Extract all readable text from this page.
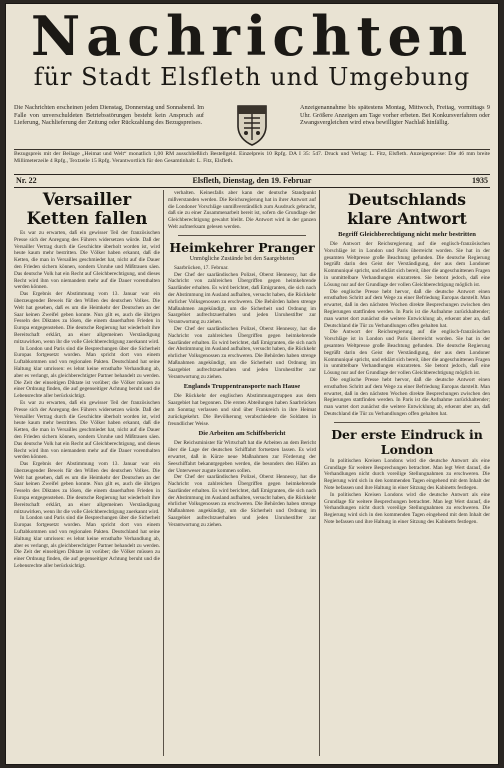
Nachrichten
für Stadt Elsfleth und Umgebung
Die Nachrichten erscheinen jeden Dienstag, Donnerstag und Sonnabend. Im Falle von unverschuldeten Betriebsstörungen besteht kein Anspruch auf Lieferung, Nachlieferung der Zeitung oder Rückzahlung des Bezugspreises.
Anzeigenannahme bis spätestens Montag, Mittwoch, Freitag, vormittags 9 Uhr. Größere Anzeigen am Tage vorher erbeten. Bei Konkursverfahren oder Zwangsvergleichen wird etwa bewilligter Nachlaß hinfällig.
Bezugspreis mit der Beilage „Heimat und Welt“ monatlich 1,00 RM ausschließlich Bestellgeld. Einzelpreis 10 Rpfg. DA I 35: 547. Druck und Verlag: L. Fitz, Elsfleth. Anzeigenpreise: Die 46 mm breite Millimeterzeile 4 Rpfg., Textzeile 15 Rpfg. Verantwortlich für den Gesamtinhalt: L. Fitz, Elsfleth.
Nr. 22	Elsfleth, Dienstag, den 19. Februar	1935
Versailler Ketten fallen

Es war zu erwarten, daß ein gewisser Teil der französischen Presse sich der Anregung des Führers widersetzen würde. Daß der Versailler Vertrag durch die Geschichte überholt worden ist, wird heute kaum mehr bestritten. Die Völker haben erkannt, daß die Ketten, die man in Versailles geschmiedet hat, nicht auf die Dauer den Frieden sichern können, sondern Unruhe und Mißtrauen säen. Das deutsche Volk hat ein Recht auf Gleichberechtigung, und dieses Recht wird ihm von niemandem mehr auf die Dauer vorenthalten werden können.

Das Ergebnis der Abstimmung vom 13. Januar war ein überzeugender Beweis für den Willen des deutschen Volkes. Die Welt hat gesehen, daß es um die Heimkehr der Deutschen an der Saar keinen Zweifel geben konnte. Nun gilt es, auch die übrigen Fesseln des Diktates zu lösen, die einem dauerhaften Frieden in Europa entgegenstehen. Die deutsche Regierung hat wiederholt ihre Bereitschaft erklärt, an einer allgemeinen Verständigung mitzuwirken, wenn ihr die volle Gleichberechtigung zuerkannt wird.

In London und Paris sind die Besprechungen über die Sicherheit Europas fortgesetzt worden. Man spricht dort von einem Luftabkommen und von regionalen Pakten. Deutschland hat seine Haltung klar umrissen: es lehnt keine ernsthafte Verhandlung ab, aber es verlangt, als gleichberechtigter Partner behandelt zu werden. Die Zeit der einseitigen Diktate ist vorüber; die Völker müssen zu einer Ordnung finden, die auf gegenseitiger Achtung beruht und die Lebensrechte aller berücksichtigt.

Es war zu erwarten, daß ein gewisser Teil der französischen Presse sich der Anregung des Führers widersetzen würde. Daß der Versailler Vertrag durch die Geschichte überholt worden ist, wird heute kaum mehr bestritten. Die Völker haben erkannt, daß die Ketten, die man in Versailles geschmiedet hat, nicht auf die Dauer den Frieden sichern können, sondern Unruhe und Mißtrauen säen. Das deutsche Volk hat ein Recht auf Gleichberechtigung, und dieses Recht wird ihm von niemandem mehr auf die Dauer vorenthalten werden können.

Das Ergebnis der Abstimmung vom 13. Januar war ein überzeugender Beweis für den Willen des deutschen Volkes. Die Welt hat gesehen, daß es um die Heimkehr der Deutschen an der Saar keinen Zweifel geben konnte. Nun gilt es, auch die übrigen Fesseln des Diktates zu lösen, die einem dauerhaften Frieden in Europa entgegenstehen. Die deutsche Regierung hat wiederholt ihre Bereitschaft erklärt, an einer allgemeinen Verständigung mitzuwirken, wenn ihr die volle Gleichberechtigung zuerkannt wird.

In London und Paris sind die Besprechungen über die Sicherheit Europas fortgesetzt worden. Man spricht dort von einem Luftabkommen und von regionalen Pakten. Deutschland hat seine Haltung klar umrissen: es lehnt keine ernsthafte Verhandlung ab, aber es verlangt, als gleichberechtigter Partner behandelt zu werden. Die Zeit der einseitigen Diktate ist vorüber; die Völker müssen zu einer Ordnung finden, die auf gegenseitiger Achtung beruht und die Lebensrechte aller berücksichtigt.

verhalten. Keinesfalls aber kann der deutsche Standpunkt mißverstanden werden. Die Reichsregierung hat in ihrer Antwort auf die Londoner Vorschläge unmißverständlich zum Ausdruck gebracht, daß sie zu einer Zusammenarbeit bereit ist, sofern die Grundlage der Gleichberechtigung gewahrt bleibt. Die Antwort wird in der ganzen Welt aufmerksam gelesen werden.

Heimkehrer Pranger
Unmögliche Zustände bei den Saargebieten

Saarbrücken, 17. Februar.

Der Chef der saarländischen Polizei, Oberst Hennessy, hat die Nachricht von zahlreichen Übergriffen gegen heimkehrende Saarländer erhalten. Es wird berichtet, daß Emigranten, die sich nach der Abstimmung im Ausland aufhalten, versucht haben, die Rückkehr ehrlicher Volksgenossen zu erschweren. Die Behörden haben strenge Maßnahmen angekündigt, um die Sicherheit und Ordnung im Saargebiet aufrechtzuerhalten und jeden Unruhestifter zur Verantwortung zu ziehen.

Der Chef der saarländischen Polizei, Oberst Hennessy, hat die Nachricht von zahlreichen Übergriffen gegen heimkehrende Saarländer erhalten. Es wird berichtet, daß Emigranten, die sich nach der Abstimmung im Ausland aufhalten, versucht haben, die Rückkehr ehrlicher Volksgenossen zu erschweren. Die Behörden haben strenge Maßnahmen angekündigt, um die Sicherheit und Ordnung im Saargebiet aufrechtzuerhalten und jeden Unruhestifter zur Verantwortung zu ziehen.

Englands Truppentransporte nach Hause

Die Rückkehr der englischen Abstimmungstruppen aus dem Saargebiet hat begonnen. Die ersten Abteilungen haben Saarbrücken am Sonntag verlassen und sind über Frankreich in ihre Heimat zurückgekehrt. Die Bevölkerung verabschiedete die Soldaten in freundlicher Weise.

Die Arbeiten am Schiffsbericht

Der Reichsminister für Wirtschaft hat die Arbeiten an dem Bericht über die Lage der deutschen Schiffahrt fortsetzen lassen. Es wird erwartet, daß in Kürze neue Maßnahmen zur Förderung der Seeschiffahrt bekanntgegeben werden, die besonders den Häfen an der Unterweser zugute kommen sollen.

Der Chef der saarländischen Polizei, Oberst Hennessy, hat die Nachricht von zahlreichen Übergriffen gegen heimkehrende Saarländer erhalten. Es wird berichtet, daß Emigranten, die sich nach der Abstimmung im Ausland aufhalten, versucht haben, die Rückkehr ehrlicher Volksgenossen zu erschweren. Die Behörden haben strenge Maßnahmen angekündigt, um die Sicherheit und Ordnung im Saargebiet aufrechtzuerhalten und jeden Unruhestifter zur Verantwortung zu ziehen.

Deutschlands klare Antwort
Begriff Gleichberechtigung nicht mehr bestritten

Die Antwort der Reichsregierung auf die englisch-französischen Vorschläge ist in London und Paris überreicht worden. Sie hat in der gesamten Weltpresse große Beachtung gefunden. Die deutsche Regierung begrüßt darin den Geist der Verständigung, der aus dem Londoner Kommuniqué spricht, und erklärt sich bereit, über die angeschnittenen Fragen in unmittelbare Verhandlungen einzutreten. Sie betont jedoch, daß eine Lösung nur auf der Grundlage der vollen Gleichberechtigung möglich ist.

Die englische Presse hebt hervor, daß die deutsche Antwort einen ernsthaften Schritt auf dem Wege zu einer Befriedung Europas darstellt. Man erwartet, daß in den nächsten Wochen direkte Besprechungen zwischen den Regierungen stattfinden werden. In Paris ist die Aufnahme zurückhaltender; man wartet dort zunächst die weitere Entwicklung ab, erkennt aber an, daß Deutschland die Tür zu Verhandlungen offen gehalten hat.

Die Antwort der Reichsregierung auf die englisch-französischen Vorschläge ist in London und Paris überreicht worden. Sie hat in der gesamten Weltpresse große Beachtung gefunden. Die deutsche Regierung begrüßt darin den Geist der Verständigung, der aus dem Londoner Kommuniqué spricht, und erklärt sich bereit, über die angeschnittenen Fragen in unmittelbare Verhandlungen einzutreten. Sie betont jedoch, daß eine Lösung nur auf der Grundlage der vollen Gleichberechtigung möglich ist.

Die englische Presse hebt hervor, daß die deutsche Antwort einen ernsthaften Schritt auf dem Wege zu einer Befriedung Europas darstellt. Man erwartet, daß in den nächsten Wochen direkte Besprechungen zwischen den Regierungen stattfinden werden. In Paris ist die Aufnahme zurückhaltender; man wartet dort zunächst die weitere Entwicklung ab, erkennt aber an, daß Deutschland die Tür zu Verhandlungen offen gehalten hat.

Der erste Eindruck in London

In politischen Kreisen Londons wird die deutsche Antwort als eine Grundlage für weitere Besprechungen betrachtet. Man legt Wert darauf, die Verhandlungen nicht durch voreilige Stellungnahmen zu erschweren. Die Regierung wird sich in den kommenden Tagen eingehend mit dem Inhalt der Note befassen und ihre Haltung in einer Sitzung des Kabinetts festlegen.

In politischen Kreisen Londons wird die deutsche Antwort als eine Grundlage für weitere Besprechungen betrachtet. Man legt Wert darauf, die Verhandlungen nicht durch voreilige Stellungnahmen zu erschweren. Die Regierung wird sich in den kommenden Tagen eingehend mit dem Inhalt der Note befassen und ihre Haltung in einer Sitzung des Kabinetts festlegen.
